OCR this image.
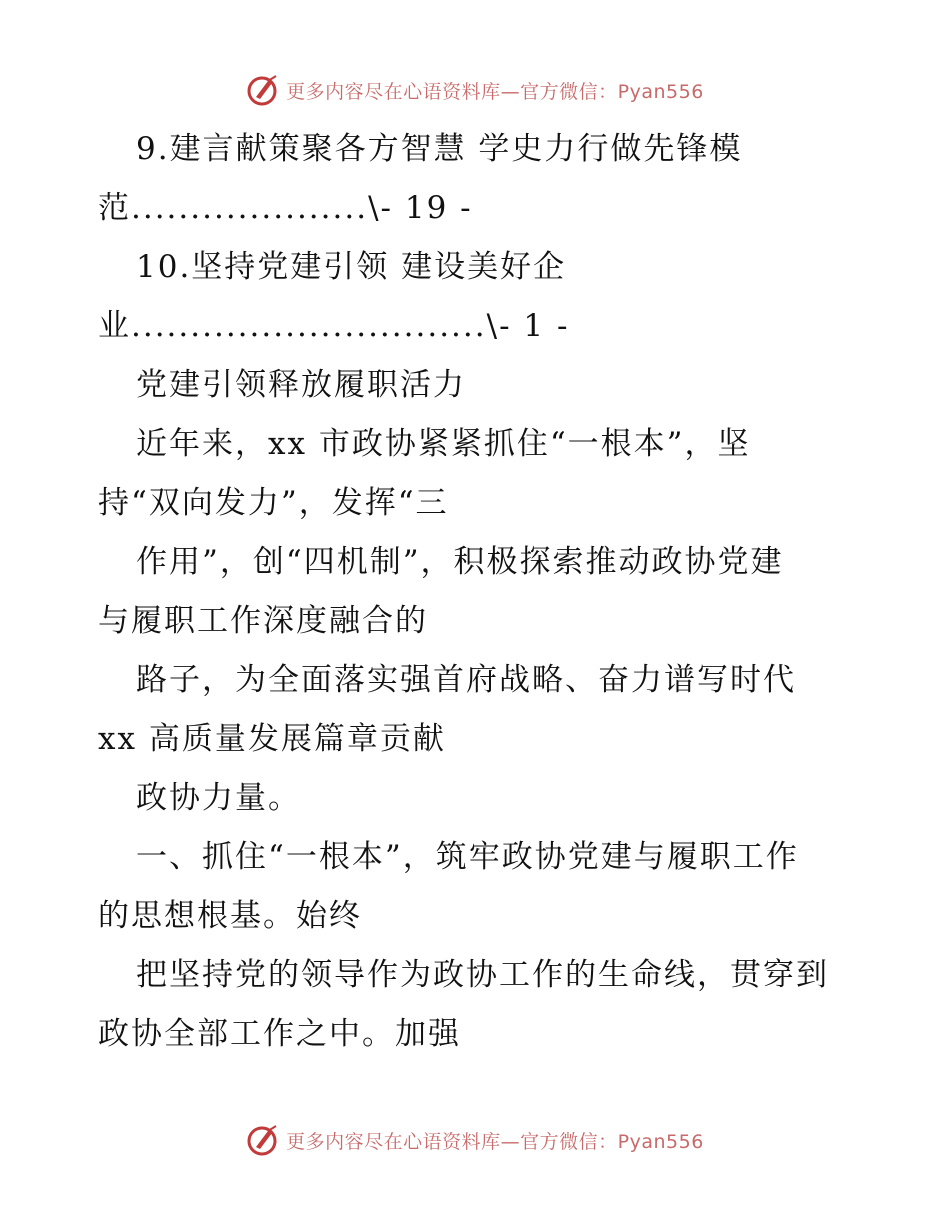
更多内容尽在心语资料库—官方微信：Pyan556
9.建言献策聚各方智慧 学史力行做先锋模
范....................\- 19 -
10.坚持党建引领 建设美好企
业..............................\- 1 -
党建引领释放履职活力
近年来，xx 市政协紧紧抓住“一根本”，坚
持“双向发力”，发挥“三
作用”，创“四机制”，积极探索推动政协党建
与履职工作深度融合的
路子，为全面落实强首府战略、奋力谱写时代
xx 高质量发展篇章贡献
政协力量。
一、抓住“一根本”，筑牢政协党建与履职工作
的思想根基。始终
把坚持党的领导作为政协工作的生命线，贯穿到
政协全部工作之中。加强
更多内容尽在心语资料库—官方微信：Pyan556
